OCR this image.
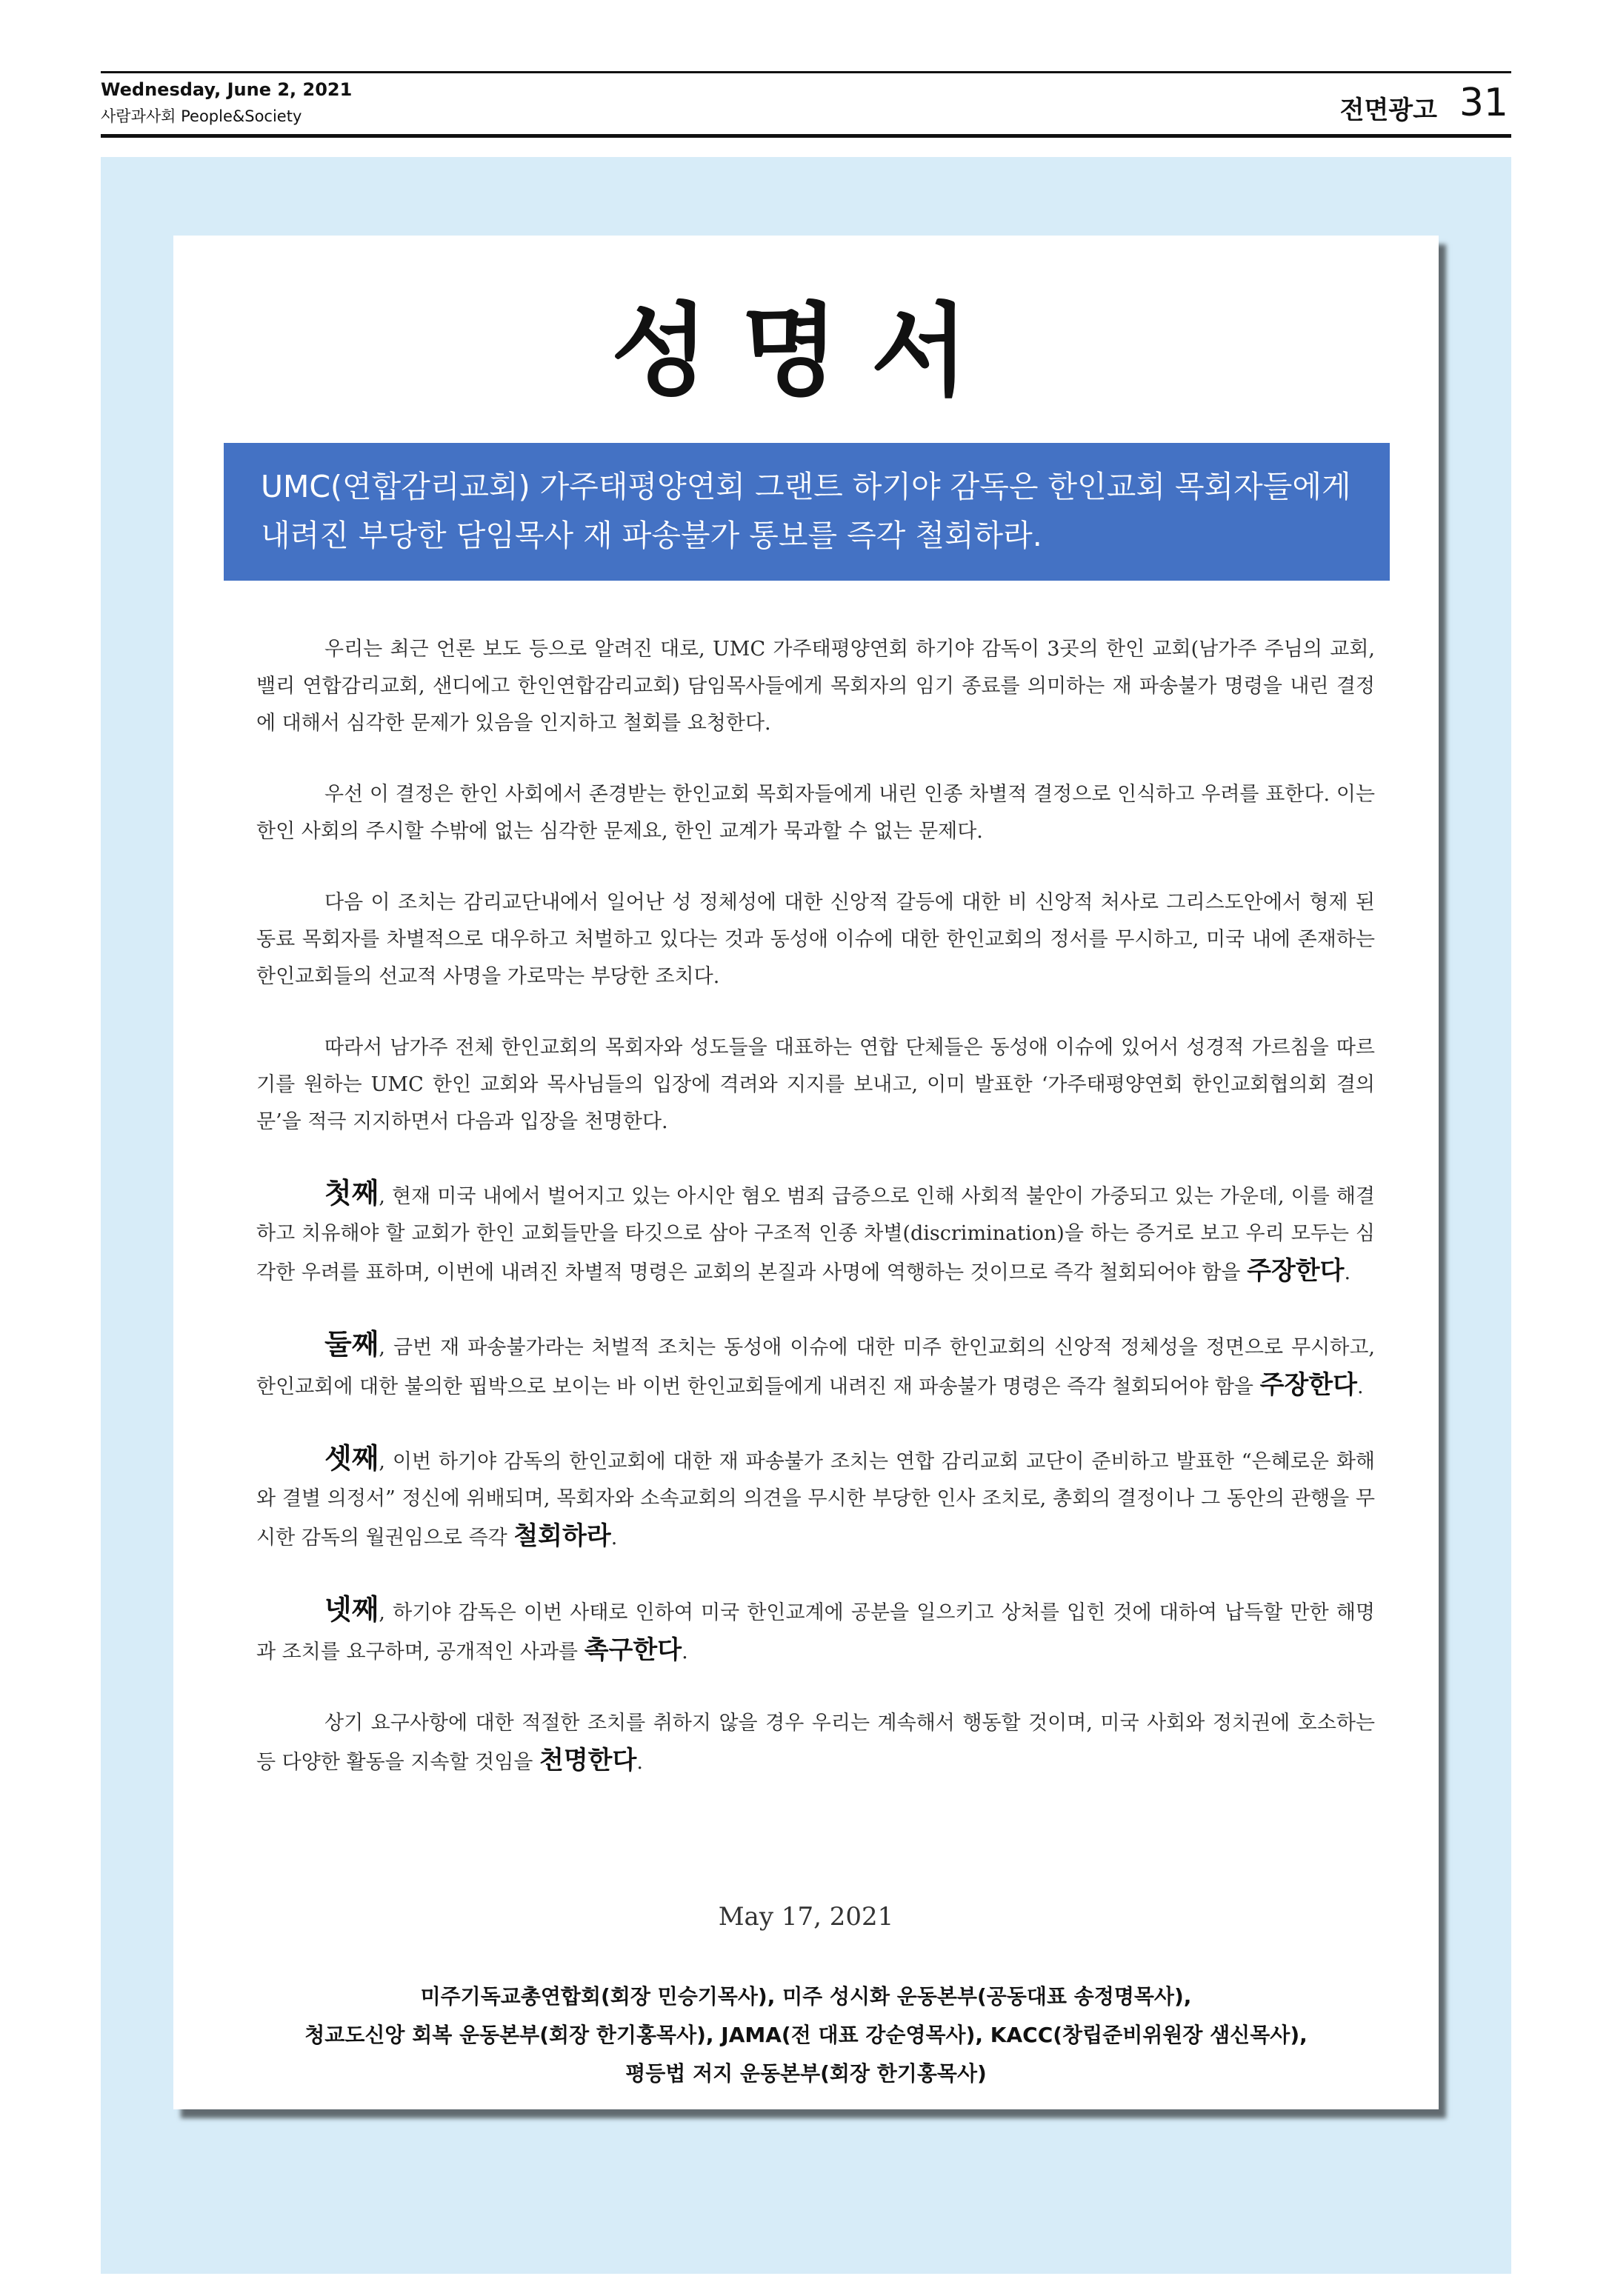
Wednesday, June 2, 2021
사람과사회 People&Society	전면광고 31
성명서
UMC(연합감리교회) 가주태평양연회 그랜트 하기야 감독은 한인교회 목회자들에게
내려진 부당한 담임목사 재 파송불가 통보를 즉각 철회하라.

우리는 최근 언론 보도 등으로 알려진 대로, UMC 가주태평양연회 하기야 감독이 3곳의 한인 교회(남가주 주님의 교회, 밸리 연합감리교회, 샌디에고 한인연합감리교회) 담임목사들에게 목회자의 임기 종료를 의미하는 재 파송불가 명령을 내린 결정에 대해서 심각한 문제가 있음을 인지하고 철회를 요청한다.

우선 이 결정은 한인 사회에서 존경받는 한인교회 목회자들에게 내린 인종 차별적 결정으로 인식하고 우려를 표한다. 이는 한인 사회의 주시할 수밖에 없는 심각한 문제요, 한인 교계가 묵과할 수 없는 문제다.

다음 이 조치는 감리교단내에서 일어난 성 정체성에 대한 신앙적 갈등에 대한 비 신앙적 처사로 그리스도안에서 형제 된 동료 목회자를 차별적으로 대우하고 처벌하고 있다는 것과 동성애 이슈에 대한 한인교회의 정서를 무시하고, 미국 내에 존재하는 한인교회들의 선교적 사명을 가로막는 부당한 조치다.

따라서 남가주 전체 한인교회의 목회자와 성도들을 대표하는 연합 단체들은 동성애 이슈에 있어서 성경적 가르침을 따르기를 원하는 UMC 한인 교회와 목사님들의 입장에 격려와 지지를 보내고, 이미 발표한 ‘가주태평양연회 한인교회협의회 결의문’을 적극 지지하면서 다음과 입장을 천명한다.

첫째, 현재 미국 내에서 벌어지고 있는 아시안 혐오 범죄 급증으로 인해 사회적 불안이 가중되고 있는 가운데, 이를 해결하고 치유해야 할 교회가 한인 교회들만을 타깃으로 삼아 구조적 인종 차별(discrimination)을 하는 증거로 보고 우리 모두는 심각한 우려를 표하며, 이번에 내려진 차별적 명령은 교회의 본질과 사명에 역행하는 것이므로 즉각 철회되어야 함을 주장한다.

둘째, 금번 재 파송불가라는 처벌적 조치는 동성애 이슈에 대한 미주 한인교회의 신앙적 정체성을 정면으로 무시하고, 한인교회에 대한 불의한 핍박으로 보이는 바 이번 한인교회들에게 내려진 재 파송불가 명령은 즉각 철회되어야 함을 주장한다.

셋째, 이번 하기야 감독의 한인교회에 대한 재 파송불가 조치는 연합 감리교회 교단이 준비하고 발표한 “은혜로운 화해와 결별 의정서” 정신에 위배되며, 목회자와 소속교회의 의견을 무시한 부당한 인사 조치로, 총회의 결정이나 그 동안의 관행을 무시한 감독의 월권임으로 즉각 철회하라.

넷째, 하기야 감독은 이번 사태로 인하여 미국 한인교계에 공분을 일으키고 상처를 입힌 것에 대하여 납득할 만한 해명과 조치를 요구하며, 공개적인 사과를 촉구한다.

상기 요구사항에 대한 적절한 조치를 취하지 않을 경우 우리는 계속해서 행동할 것이며, 미국 사회와 정치권에 호소하는 등 다양한 활동을 지속할 것임을 천명한다.

May 17, 2021
미주기독교총연합회(회장 민승기목사), 미주 성시화 운동본부(공동대표 송정명목사),
청교도신앙 회복 운동본부(회장 한기홍목사), JAMA(전 대표 강순영목사), KACC(창립준비위원장 샘신목사),
평등법 저지 운동본부(회장 한기홍목사)
